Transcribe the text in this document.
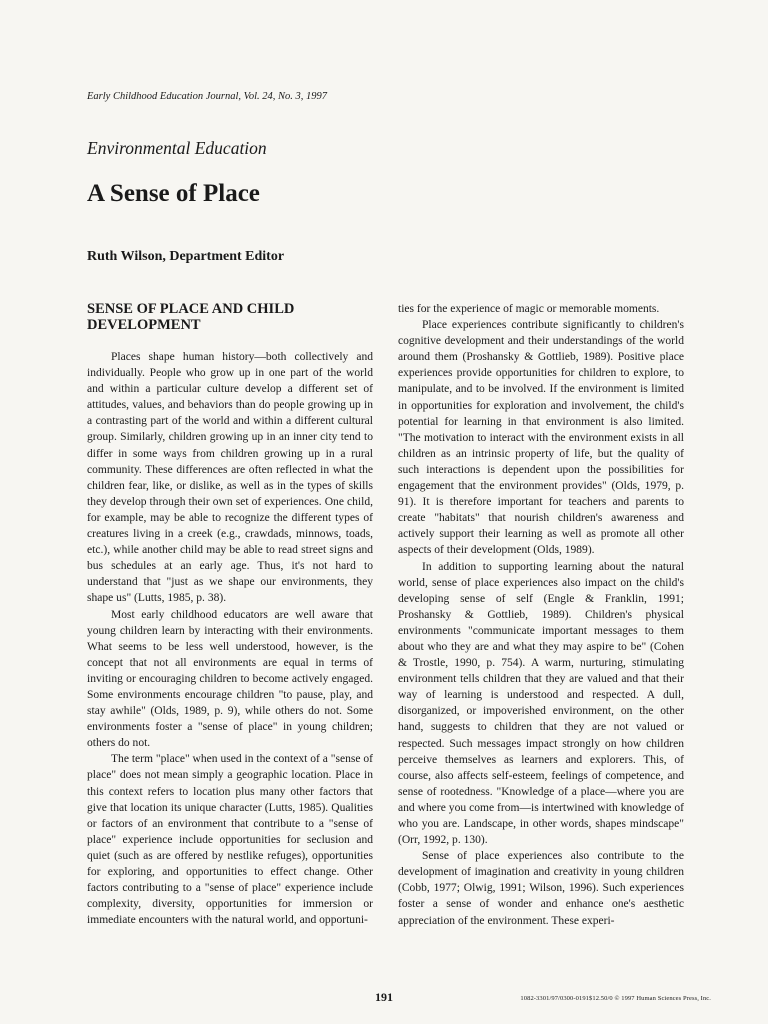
Early Childhood Education Journal, Vol. 24, No. 3, 1997
Environmental Education
A Sense of Place
Ruth Wilson, Department Editor
SENSE OF PLACE AND CHILD DEVELOPMENT

Places shape human history—both collectively and individually. People who grow up in one part of the world and within a particular culture develop a different set of attitudes, values, and behaviors than do people growing up in a contrasting part of the world and within a different cultural group. Similarly, children growing up in an inner city tend to differ in some ways from children growing up in a rural community. These differences are often reflected in what the children fear, like, or dislike, as well as in the types of skills they develop through their own set of experiences. One child, for example, may be able to recognize the different types of creatures living in a creek (e.g., crawdads, minnows, toads, etc.), while another child may be able to read street signs and bus schedules at an early age. Thus, it's not hard to understand that "just as we shape our environments, they shape us" (Lutts, 1985, p. 38).

Most early childhood educators are well aware that young children learn by interacting with their environments. What seems to be less well understood, however, is the concept that not all environments are equal in terms of inviting or encouraging children to become actively engaged. Some environments encourage children "to pause, play, and stay awhile" (Olds, 1989, p. 9), while others do not. Some environments foster a "sense of place" in young children; others do not.

The term "place" when used in the context of a "sense of place" does not mean simply a geographic location. Place in this context refers to location plus many other factors that give that location its unique character (Lutts, 1985). Qualities or factors of an environment that contribute to a "sense of place" experience include opportunities for seclusion and quiet (such as are offered by nestlike refuges), opportunities for exploring, and opportunities to effect change. Other factors contributing to a "sense of place" experience include complexity, diversity, opportunities for immersion or immediate encounters with the natural world, and opportuni-

ties for the experience of magic or memorable moments.

Place experiences contribute significantly to children's cognitive development and their understandings of the world around them (Proshansky & Gottlieb, 1989). Positive place experiences provide opportunities for children to explore, to manipulate, and to be involved. If the environment is limited in opportunities for exploration and involvement, the child's potential for learning in that environment is also limited. "The motivation to interact with the environment exists in all children as an intrinsic property of life, but the quality of such interactions is dependent upon the possibilities for engagement that the environment provides" (Olds, 1979, p. 91). It is therefore important for teachers and parents to create "habitats" that nourish children's awareness and actively support their learning as well as promote all other aspects of their development (Olds, 1989).

In addition to supporting learning about the natural world, sense of place experiences also impact on the child's developing sense of self (Engle & Franklin, 1991; Proshansky & Gottlieb, 1989). Children's physical environments "communicate important messages to them about who they are and what they may aspire to be" (Cohen & Trostle, 1990, p. 754). A warm, nurturing, stimulating environment tells children that they are valued and that their way of learning is understood and respected. A dull, disorganized, or impoverished environment, on the other hand, suggests to children that they are not valued or respected. Such messages impact strongly on how children perceive themselves as learners and explorers. This, of course, also affects self-esteem, feelings of competence, and sense of rootedness. "Knowledge of a place—where you are and where you come from—is intertwined with knowledge of who you are. Landscape, in other words, shapes mindscape" (Orr, 1992, p. 130).

Sense of place experiences also contribute to the development of imagination and creativity in young children (Cobb, 1977; Olwig, 1991; Wilson, 1996). Such experiences foster a sense of wonder and enhance one's aesthetic appreciation of the environment. These experi-

191	1082-3301/97/0300-0191$12.50/0 © 1997 Human Sciences Press, Inc.
